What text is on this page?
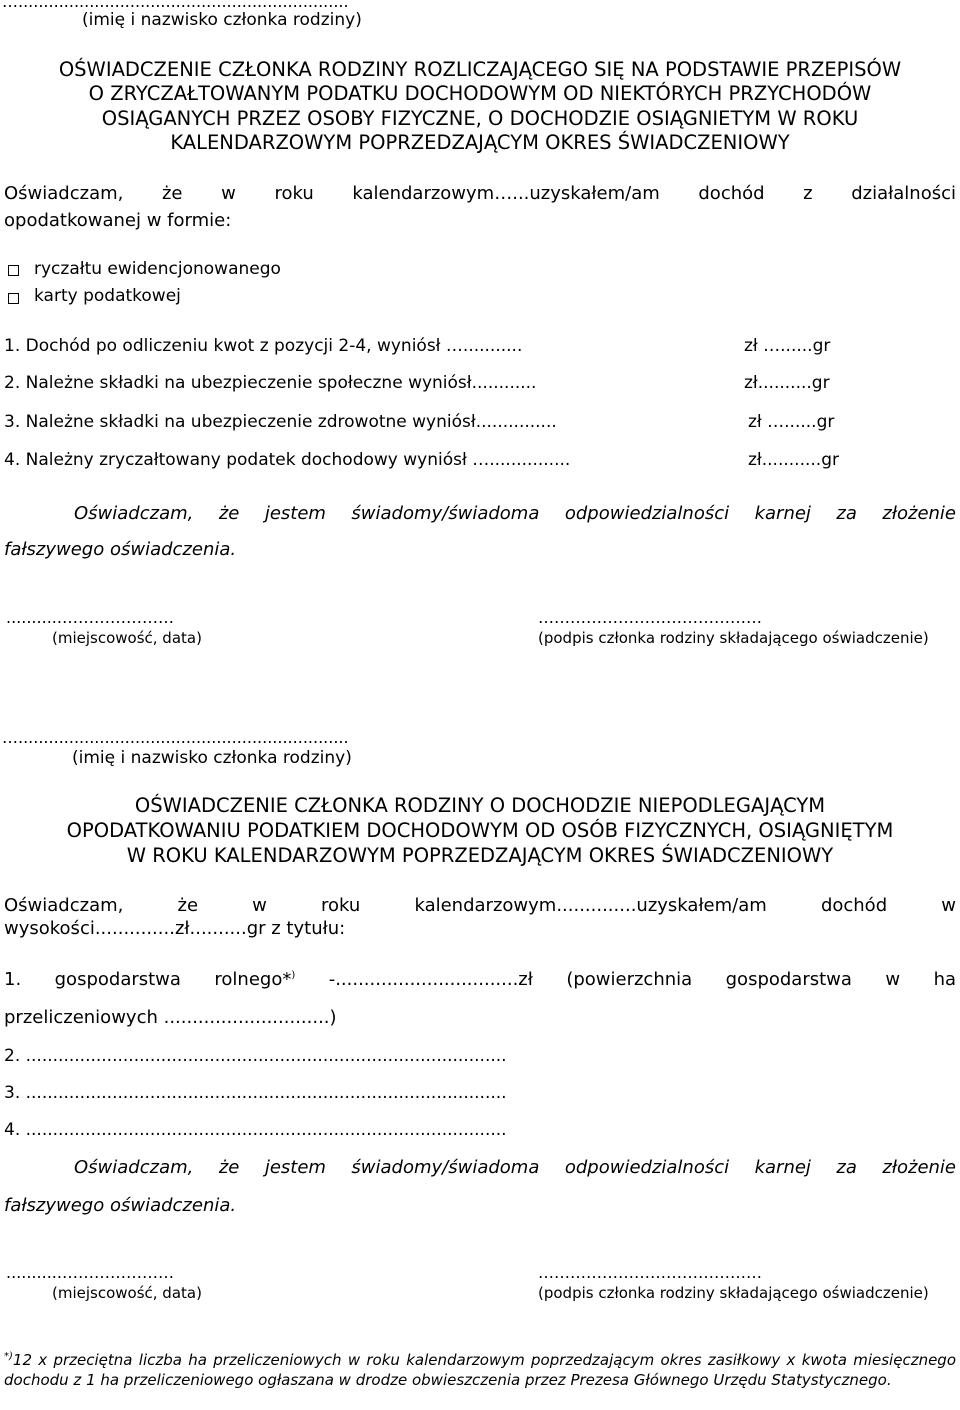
….................................................................
(imię i nazwisko członka rodziny)
OŚWIADCZENIE CZŁONKA RODZINY ROZLICZAJĄCEGO SIĘ NA PODSTAWIE PRZEPISÓW
O ZRYCZAŁTOWANYM PODATKU DOCHODOWYM OD NIEKTÓRYCH PRZYCHODÓW
OSIĄGANYCH PRZEZ OSOBY FIZYCZNE, O DOCHODZIE OSIĄGNIETYM W ROKU
KALENDARZOWYM POPRZEDZAJĄCYM OKRES ŚWIADCZENIOWY
Oświadczam, że w roku kalendarzowym…...uzyskałem/am dochód z działalności
opodatkowanej w formie:
ryczałtu ewidencjonowanego
karty podatkowej
1. Dochód po odliczeniu kwot z pozycji 2-4, wyniósł …...........	zł …......gr
2. Należne składki na ubezpieczenie społeczne wyniósł............	zł..........gr
3. Należne składki na ubezpieczenie zdrowotne wyniósł...............	zł …......gr
4. Należny zryczałtowany podatek dochodowy wyniósł …...............	zł...........gr
Oświadczam, że jestem świadomy/świadoma odpowiedzialności karnej za złożenie
fałszywego oświadczenia.
...........…………………
(miejscowość, data)
……………………………………
(podpis członka rodziny składającego oświadczenie)
….................................................................
(imię i nazwisko członka rodziny)
OŚWIADCZENIE CZŁONKA RODZINY O DOCHODZIE NIEPODLEGAJĄCYM
OPODATKOWANIU PODATKIEM DOCHODOWYM OD OSÓB FIZYCZNYCH, OSIĄGNIĘTYM
W ROKU KALENDARZOWYM POPRZEDZAJĄCYM OKRES ŚWIADCZENIOWY
Oświadczam, że w roku kalendarzowym..............uzyskałem/am dochód w
wysokości..............zł..........gr z tytułu:
1. gospodarstwa rolnego*) -................................zł (powierzchnia gospodarstwa w ha
przeliczeniowych .............................)
2. .........................................................................................
3. .........................................................................................
4. .........................................................................................
Oświadczam, że jestem świadomy/świadoma odpowiedzialności karnej za złożenie
fałszywego oświadczenia.
...........…………………
(miejscowość, data)
……………………………………
(podpis członka rodziny składającego oświadczenie)
*)12 x przeciętna liczba ha przeliczeniowych w roku kalendarzowym poprzedzającym okres zasiłkowy x kwota miesięcznego dochodu z 1 ha przeliczeniowego ogłaszana w drodze obwieszczenia przez Prezesa Głównego Urzędu Statystycznego.
